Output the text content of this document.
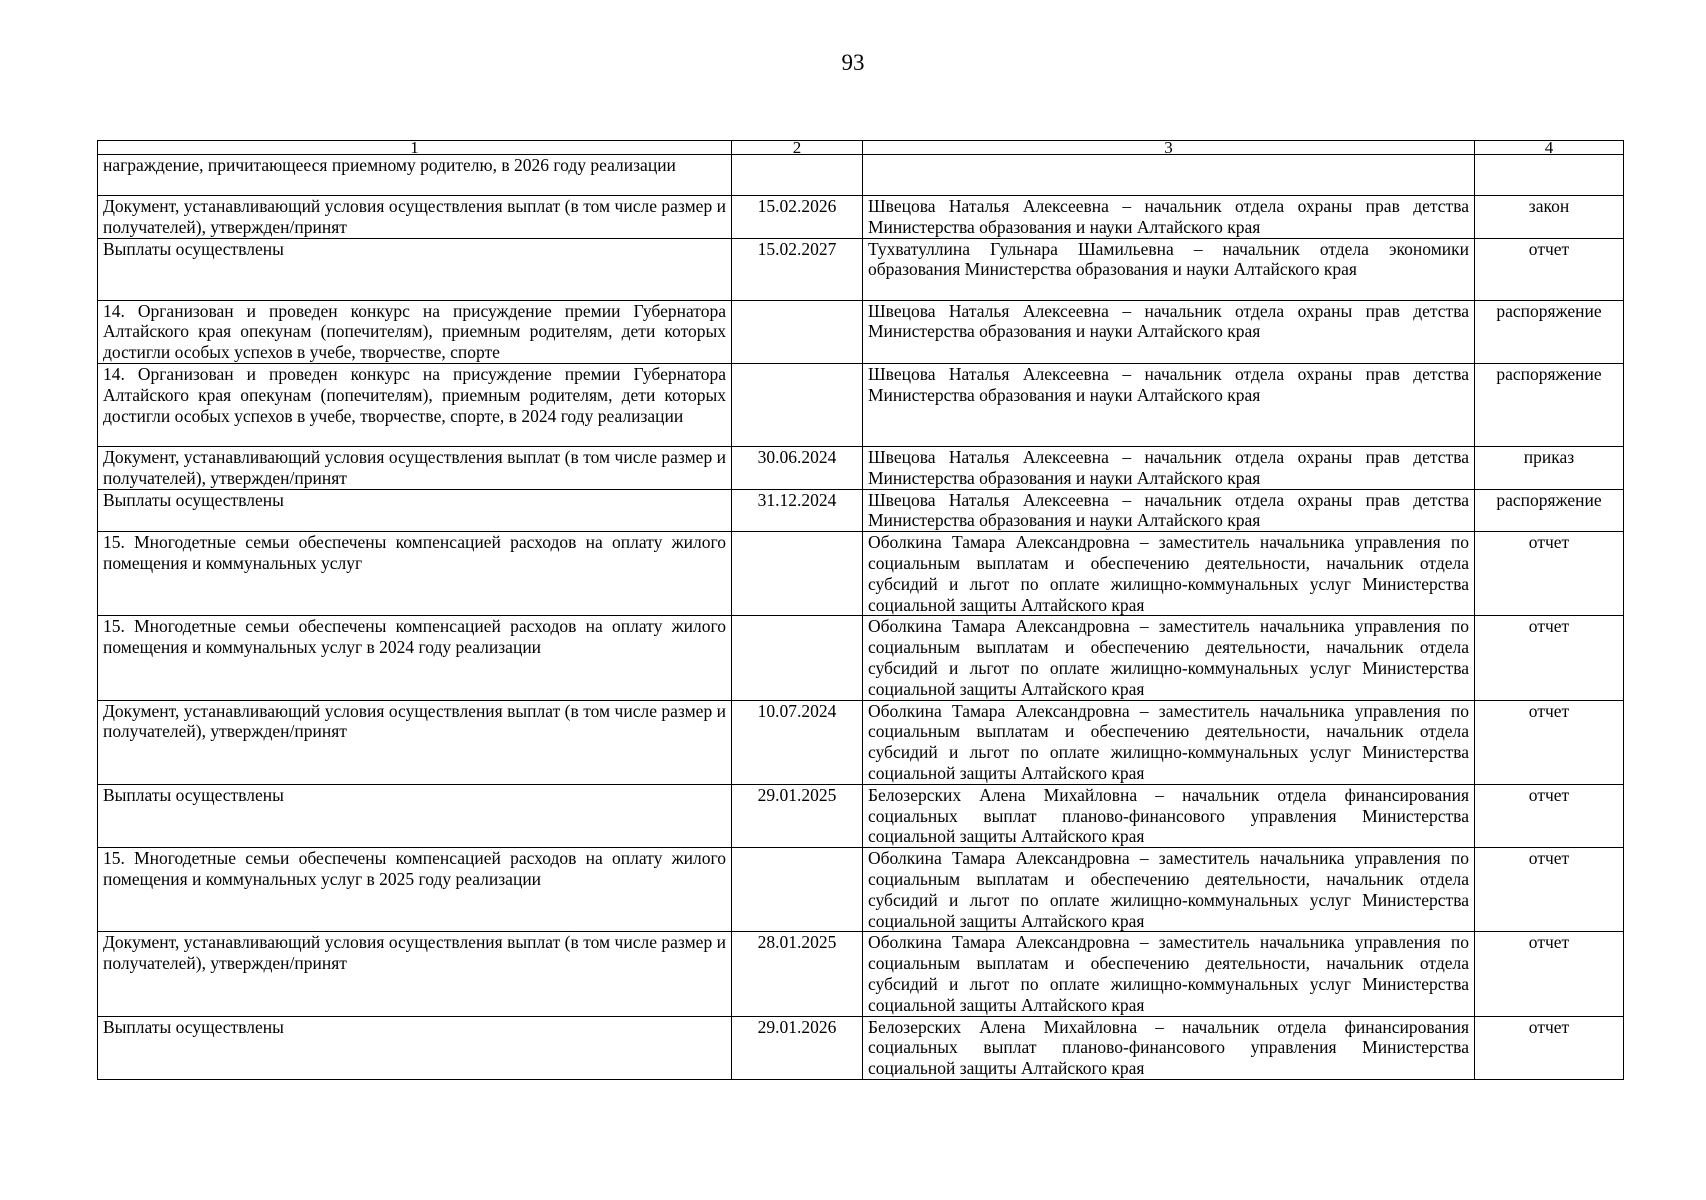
93
1	2	3	4
награждение, причитающееся приемному родителю, в 2026 году реализации			
Документ, устанавливающий условия осуществления выплат (в том числе размер и получателей), утвержден/принят	15.02.2026	Швецова Наталья Алексеевна – начальник отдела охраны прав детства Министерства образования и науки Алтайского края	закон
Выплаты осуществлены	15.02.2027	Тухватуллина Гульнара Шамильевна – начальник отдела экономики образования Министерства образования и науки Алтайского края	отчет
14. Организован и проведен конкурс на присуждение премии Губернатора Алтайского края опекунам (попечителям), приемным родителям, дети которых достигли особых успехов в учебе, творчестве, спорте		Швецова Наталья Алексеевна – начальник отдела охраны прав детства Министерства образования и науки Алтайского края	распоряжение
14. Организован и проведен конкурс на присуждение премии Губернатора Алтайского края опекунам (попечителям), приемным родителям, дети которых достигли особых успехов в учебе, творчестве, спорте, в 2024 году реализации		Швецова Наталья Алексеевна – начальник отдела охраны прав детства Министерства образования и науки Алтайского края	распоряжение
Документ, устанавливающий условия осуществления выплат (в том числе размер и получателей), утвержден/принят	30.06.2024	Швецова Наталья Алексеевна – начальник отдела охраны прав детства Министерства образования и науки Алтайского края	приказ
Выплаты осуществлены	31.12.2024	Швецова Наталья Алексеевна – начальник отдела охраны прав детства Министерства образования и науки Алтайского края	распоряжение
15. Многодетные семьи обеспечены компенсацией расходов на оплату жилого помещения и коммунальных услуг		Оболкина Тамара Александровна – заместитель начальника управления по социальным выплатам и обеспечению деятельности, начальник отдела субсидий и льгот по оплате жилищно-коммунальных услуг Министерства социальной защиты Алтайского края	отчет
15. Многодетные семьи обеспечены компенсацией расходов на оплату жилого помещения и коммунальных услуг в 2024 году реализации		Оболкина Тамара Александровна – заместитель начальника управления по социальным выплатам и обеспечению деятельности, начальник отдела субсидий и льгот по оплате жилищно-коммунальных услуг Министерства социальной защиты Алтайского края	отчет
Документ, устанавливающий условия осуществления выплат (в том числе размер и получателей), утвержден/принят	10.07.2024	Оболкина Тамара Александровна – заместитель начальника управления по социальным выплатам и обеспечению деятельности, начальник отдела субсидий и льгот по оплате жилищно-коммунальных услуг Министерства социальной защиты Алтайского края	отчет
Выплаты осуществлены	29.01.2025	Белозерских Алена Михайловна – начальник отдела финансирования социальных выплат планово-финансового управления Министерства социальной защиты Алтайского края	отчет
15. Многодетные семьи обеспечены компенсацией расходов на оплату жилого помещения и коммунальных услуг в 2025 году реализации		Оболкина Тамара Александровна – заместитель начальника управления по социальным выплатам и обеспечению деятельности, начальник отдела субсидий и льгот по оплате жилищно-коммунальных услуг Министерства социальной защиты Алтайского края	отчет
Документ, устанавливающий условия осуществления выплат (в том числе размер и получателей), утвержден/принят	28.01.2025	Оболкина Тамара Александровна – заместитель начальника управления по социальным выплатам и обеспечению деятельности, начальник отдела субсидий и льгот по оплате жилищно-коммунальных услуг Министерства социальной защиты Алтайского края	отчет
Выплаты осуществлены	29.01.2026	Белозерских Алена Михайловна – начальник отдела финансирования социальных выплат планово-финансового управления Министерства социальной защиты Алтайского края	отчет
